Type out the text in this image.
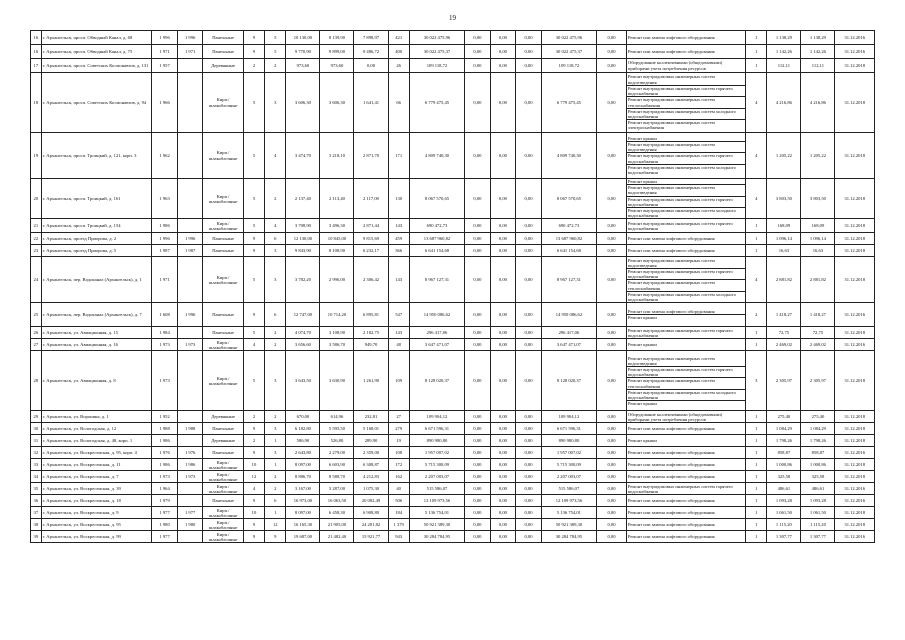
19
16	г. Архангельск, просп. Обводный Канал, д. 68	1 996	1 996	Панельные	9	5	10 130,00	8 139,90	7 898,97	421	30 022 475,96	0,00	0,00	0,00	30 022 475,96	0,00	Ремонт или замена лифтового оборудования	1	1 138,29	1 138,29	31.12.2016
16	г. Архангельск, просп. Обводный Канал, д. 75	1 971	1 971	Панельные	9	5	9 770,90	9 899,00	9 486,72	400	30 022 475,37	0,00	0,00	0,00	30 022 475,37	0,00	Ремонт или замена лифтового оборудования	1	1 142,26	1 142,26	31.12.2016
17	г. Архангельск, просп. Советских Космонавтов, д. 131	1 957		Деревянные	2	2	973,60	973,60	0,00	26	109 118,72	0,00	0,00	0,00	109 118,72	0,00	Оборудование коллективными (общедомовыми) приборами учета потребления ресурсов	1	112,11	112,11	31.12.2018
18	г. Архангельск, просп. Советских Космонавтов, д. 94	1 966		Кирп./ шлакоблочные	5	3	3 606,30	3 606,30	1 641,41	66	6 779 475,45	0,00	0,00	0,00	6 779 475,45	0,00	Ремонт внутридомовых инженерных систем водоотведения
Ремонт внутридомовых инженерных систем горячего водоснабжения
Ремонт внутридомовых инженерных систем теплоснабжения
Ремонт внутридомовых инженерных систем холодного водоснабжения
Ремонт внутридомовых инженерных систем электроснабжения	4	4 216,86	4 216,86	31.12.2018
19	г. Архангельск, просп. Троицкий, д. 121, корп. 3	1 962		Кирп./ шлакоблочные	5	4	3 474,70	3 218,10	2 871,70	171	4 809 740,30	0,00	0,00	0,00	4 809 740,30	0,00	Ремонт крыши
Ремонт внутридомовых инженерных систем водоотведения
Ремонт внутридомовых инженерных систем горячего водоснабжения
Ремонт внутридомовых инженерных систем холодного водоснабжения	4	1 205,22	1 205,22	31.12.2018
20	г. Архангельск, просп. Троицкий, д. 161	1 963		Кирп./ шлакоблочные	5	2	2 137,40	2 113,40	2 117,00	130	8 067 570,65	0,00	0,00	0,00	8 067 570,65	0,00	Ремонт крыши
Ремонт внутридомовых инженерных систем водоотведения
Ремонт внутридомовых инженерных систем горячего водоснабжения
Ремонт внутридомовых инженерных систем холодного водоснабжения	4	3 803,50	3 803,50	31.12.2018
21	г. Архангельск, просп. Троицкий, д. 154	1 986		Кирп./ шлакоблочные	5	4	3 708,90	3 496,30	2 871,44	143	690 472,73	0,00	0,00	0,00	690 472,73	0,00	Ремонт внутридомовых инженерных систем горячего водоснабжения	1	168,09	168,09	31.12.2018
22	г. Архангельск, проезд Приорова, д. 2	1 996	1 996	Панельные	9	6	12 130,00	10 845,00	9 815,69	459	13 687 960,82	0,00	0,00	0,00	13 687 960,82	0,00	Ремонт или замена лифтового оборудования	1	1 096,14	1 096,14	31.12.2018
23	г. Архангельск, проезд Приорова, д. 5	1 987	1 987	Панельные	9	3	9 843,90	8 108,90	6 232,17	366	6 641 154,68	0,00	0,00	0,00	6 641 154,68	0,00	Ремонт или замена лифтового оборудования	1	16,63	16,63	31.12.2018
24	г. Архангельск, пер. Водоканал (Архангельск), д. 1	1 971		Кирп./ шлакоблочные	5	3	3 782,20	2 996,00	2 306,42	143	8 967 127,31	0,00	0,00	0,00	8 967 127,31	0,00	Ремонт внутридомовых инженерных систем водоотведения
Ремонт внутридомовых инженерных систем горячего водоснабжения
Ремонт внутридомовых инженерных систем теплоснабжения
Ремонт внутридомовых инженерных систем холодного водоснабжения	4	2 881,82	2 881,82	31.12.2018
25	г. Архангельск, пер. Водоканал (Архангельск), д. 7	1 608	1 996	Панельные	9	6	12 747,00	10 714,20	6 895,81	547	14 950 086,62	0,00	0,00	0,00	14 950 086,62	0,00	Ремонт или замена лифтового оборудования
Ремонт крыши	2	1 418,27	1 418,27	31.12.2016
26	г. Архангельск, ул. Авиационная, д. 15	1 984		Панельные	5	2	4 074,70	3 108,90	2 182,75	143	296 417,06	0,00	0,00	0,00	296 417,06	0,00	Ремонт внутридомовых инженерных систем горячего водоснабжения	1	72,75	72,75	31.12.2018
27	г. Архангельск, ул. Авиационная, д. 16	1 973	1 973	Кирп./ шлакоблочные	4	2	3 656,60	3 586,70	949,70	48	3 647 471,07	0,00	0,00	0,00	3 647 471,07	0,00	Ремонт крыши	1	2 469,02	2 469,02	31.12.2016
28	г. Архангельск, ул. Авиационная, д. 8	1 973		Кирп./ шлакоблочные	5	3	3 643,50	3 630,90	1 261,90	109	8 128 020,37	0,00	0,00	0,00	8 128 020,37	0,00	Ремонт внутридомовых инженерных систем водоотведения
Ремонт внутридомовых инженерных систем горячего водоснабжения
Ремонт внутридомовых инженерных систем теплоснабжения
Ремонт внутридомовых инженерных систем холодного водоснабжения
Ремонт крыши	3	2 305,97	2 305,97	31.12.2018
29	г. Архангельск, ул. Воронина, д. 1	1 952		Деревянные	2	2	670,00	614,96	232,81	27	109 904,12	0,00	0,00	0,00	109 904,12	0,00	Оборудование коллективными (общедомовыми) приборами учета потребления ресурсов	1	275,40	275,40	31.12.2018
30	г. Архангельск, ул. Вологодская, д. 12	1 988	1 988	Панельные	9	3	6 182,80	5 595,50	5 168,01	279	6 671 596,31	0,00	0,00	0,00	6 671 596,31	0,00	Ремонт или замена лифтового оборудования	1	1 084,29	1 084,29	31.12.2018
31	г. Архангельск, ул. Вологодская, д. 48, корп. 1	1 986		Деревянные	2	1	586,90	526,80	289,90	19	890 980,80	0,00	0,00	0,00	890 980,80	0,00	Ремонт крыши	1	1 798,26	1 798,26	31.12.2018
32	г. Архангельск, ул. Воскресенская, д. 95, корп. 4	1 976	1 976	Панельные	9	3	2 643,80	2 279,00	2 359,00	108	1 957 007,02	0,00	0,00	0,00	1 957 007,02	0,00	Ремонт или замена лифтового оборудования	1	858,87	858,87	31.12.2016
33	г. Архангельск, ул. Воскресенская, д. 11	1 986	1 986	Кирп./ шлакоблочные	10	1	8 097,00	6 603,90	6 308,87	172	5 715 300,09	0,00	0,00	0,00	5 715 300,09	0,00	Ремонт или замена лифтового оборудования	1	1 000,86	1 000,86	31.12.2018
34	г. Архангельск, ул. Воскресенская, д. 7	1 973	1 973	Кирп./ шлакоблочные	12	2	8 886,70	8 588,70	4 212,83	162	2 207 003,07	0,00	0,00	0,00	2 207 003,07	0,00	Ремонт или замена лифтового оборудования	1	325,58	325,58	31.12.2018
35	г. Архангельск, ул. Воскресенская, д. 39	1 964		Кирп./ шлакоблочные	4	2	3 167,00	3 287,00	1 075,30	40	515 586,07	0,00	0,00	0,00	515 586,07	0,00	Ремонт внутридомовых инженерных систем горячего водоснабжения	1	486,61	486,61	31.12.2016
36	г. Архангельск, ул. Воскресенская, д. 18	1 979		Панельные	9	6	16 973,00	16 063,50	20 082,49	506	12 109 973,56	0,00	0,00	0,00	12 109 973,56	0,00	Ремонт или замена лифтового оборудования	1	1 093,28	1 093,28	31.12.2016
37	г. Архангельск, ул. Воскресенская, д. 9	1 977	1 977	Кирп./ шлакоблочные	10	1	8 097,00	6 458,30	6 908,80	184	5 136 754,01	0,00	0,00	0,00	5 136 754,01	0,00	Ремонт или замена лифтового оборудования	1	1 061,50	1 061,50	31.12.2018
38	г. Архангельск, ул. Воскресенская, д. 95	1 980	1 980	Кирп./ шлакоблочные	9	12	16 165,30	21 905,00	24 201,82	1 379	50 921 389,30	0,00	0,00	0,00	50 921 389,30	0,00	Ремонт или замена лифтового оборудования	1	1 115,20	1 115,20	31.12.2018
39	г. Архангельск, ул. Воскресенская, д. 99	1 977		Кирп./ шлакоблочные	9	9	19 687,00	21 482,40	15 921,77	943	30 284 784,95	0,00	0,00	0,00	30 284 784,95	0,00	Ремонт или замена лифтового оборудования	1	1 307,77	1 307,77	31.12.2016
